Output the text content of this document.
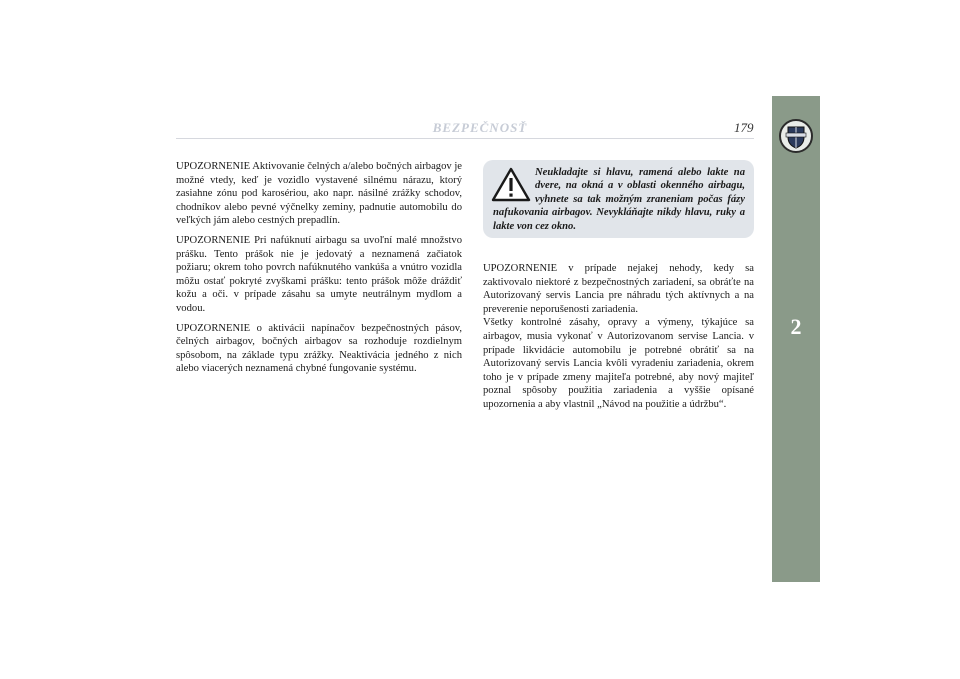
BEZPEČNOSŤ	179
2

UPOZORNENIE Aktivovanie čelných a/alebo bočných airbagov je možné vtedy, keď je vozidlo vystavené silnému nárazu, ktorý zasiahne zónu pod karosériou, ako napr. násilné zrážky schodov, chodníkov alebo pevné výčnelky zeminy, padnutie automobilu do veľkých jám alebo cestných prepadlín.

UPOZORNENIE Pri nafúknutí airbagu sa uvoľní malé množstvo prášku. Tento prášok nie je jedovatý a neznamená začiatok požiaru; okrem toho povrch nafúknutého vankúša a vnútro vozidla môžu ostať pokryté zvyškami prášku: tento prášok môže dráždiť kožu a oči. v prípade zásahu sa umyte neutrálnym mydlom a vodou.

UPOZORNENIE o aktivácii napínačov bezpečnostných pásov, čelných airbagov, bočných airbagov sa rozhoduje rozdielnym spôsobom, na základe typu zrážky. Neaktivácia jedného z nich alebo viacerých neznamená chybné fungovanie systému.

Neukladajte si hlavu, ramená alebo lakte na dvere, na okná a v oblasti okenného airbagu, vyhnete sa tak možným zraneniam počas fázy nafukovania airbagov. Nevykláňajte nikdy hlavu, ruky a lakte von cez okno.

UPOZORNENIE v prípade nejakej nehody, kedy sa zaktivovalo niektoré z bezpečnostných zariadení, sa obráťte na Autorizovaný servis Lancia pre náhradu tých aktívnych a na preverenie neporušenosti zariadenia.

Všetky kontrolné zásahy, opravy a výmeny, týkajúce sa airbagov, musia vykonať v Autorizovanom servise Lancia. v prípade likvidácie automobilu je potrebné obrátiť sa na Autorizovaný servis Lancia kvôli vyradeniu zariadenia, okrem toho je v prípade zmeny majiteľa potrebné, aby nový majiteľ poznal spôsoby použitia zariadenia a vyššie opísané upozornenia a aby vlastnil „Návod na použitie a údržbu“.
